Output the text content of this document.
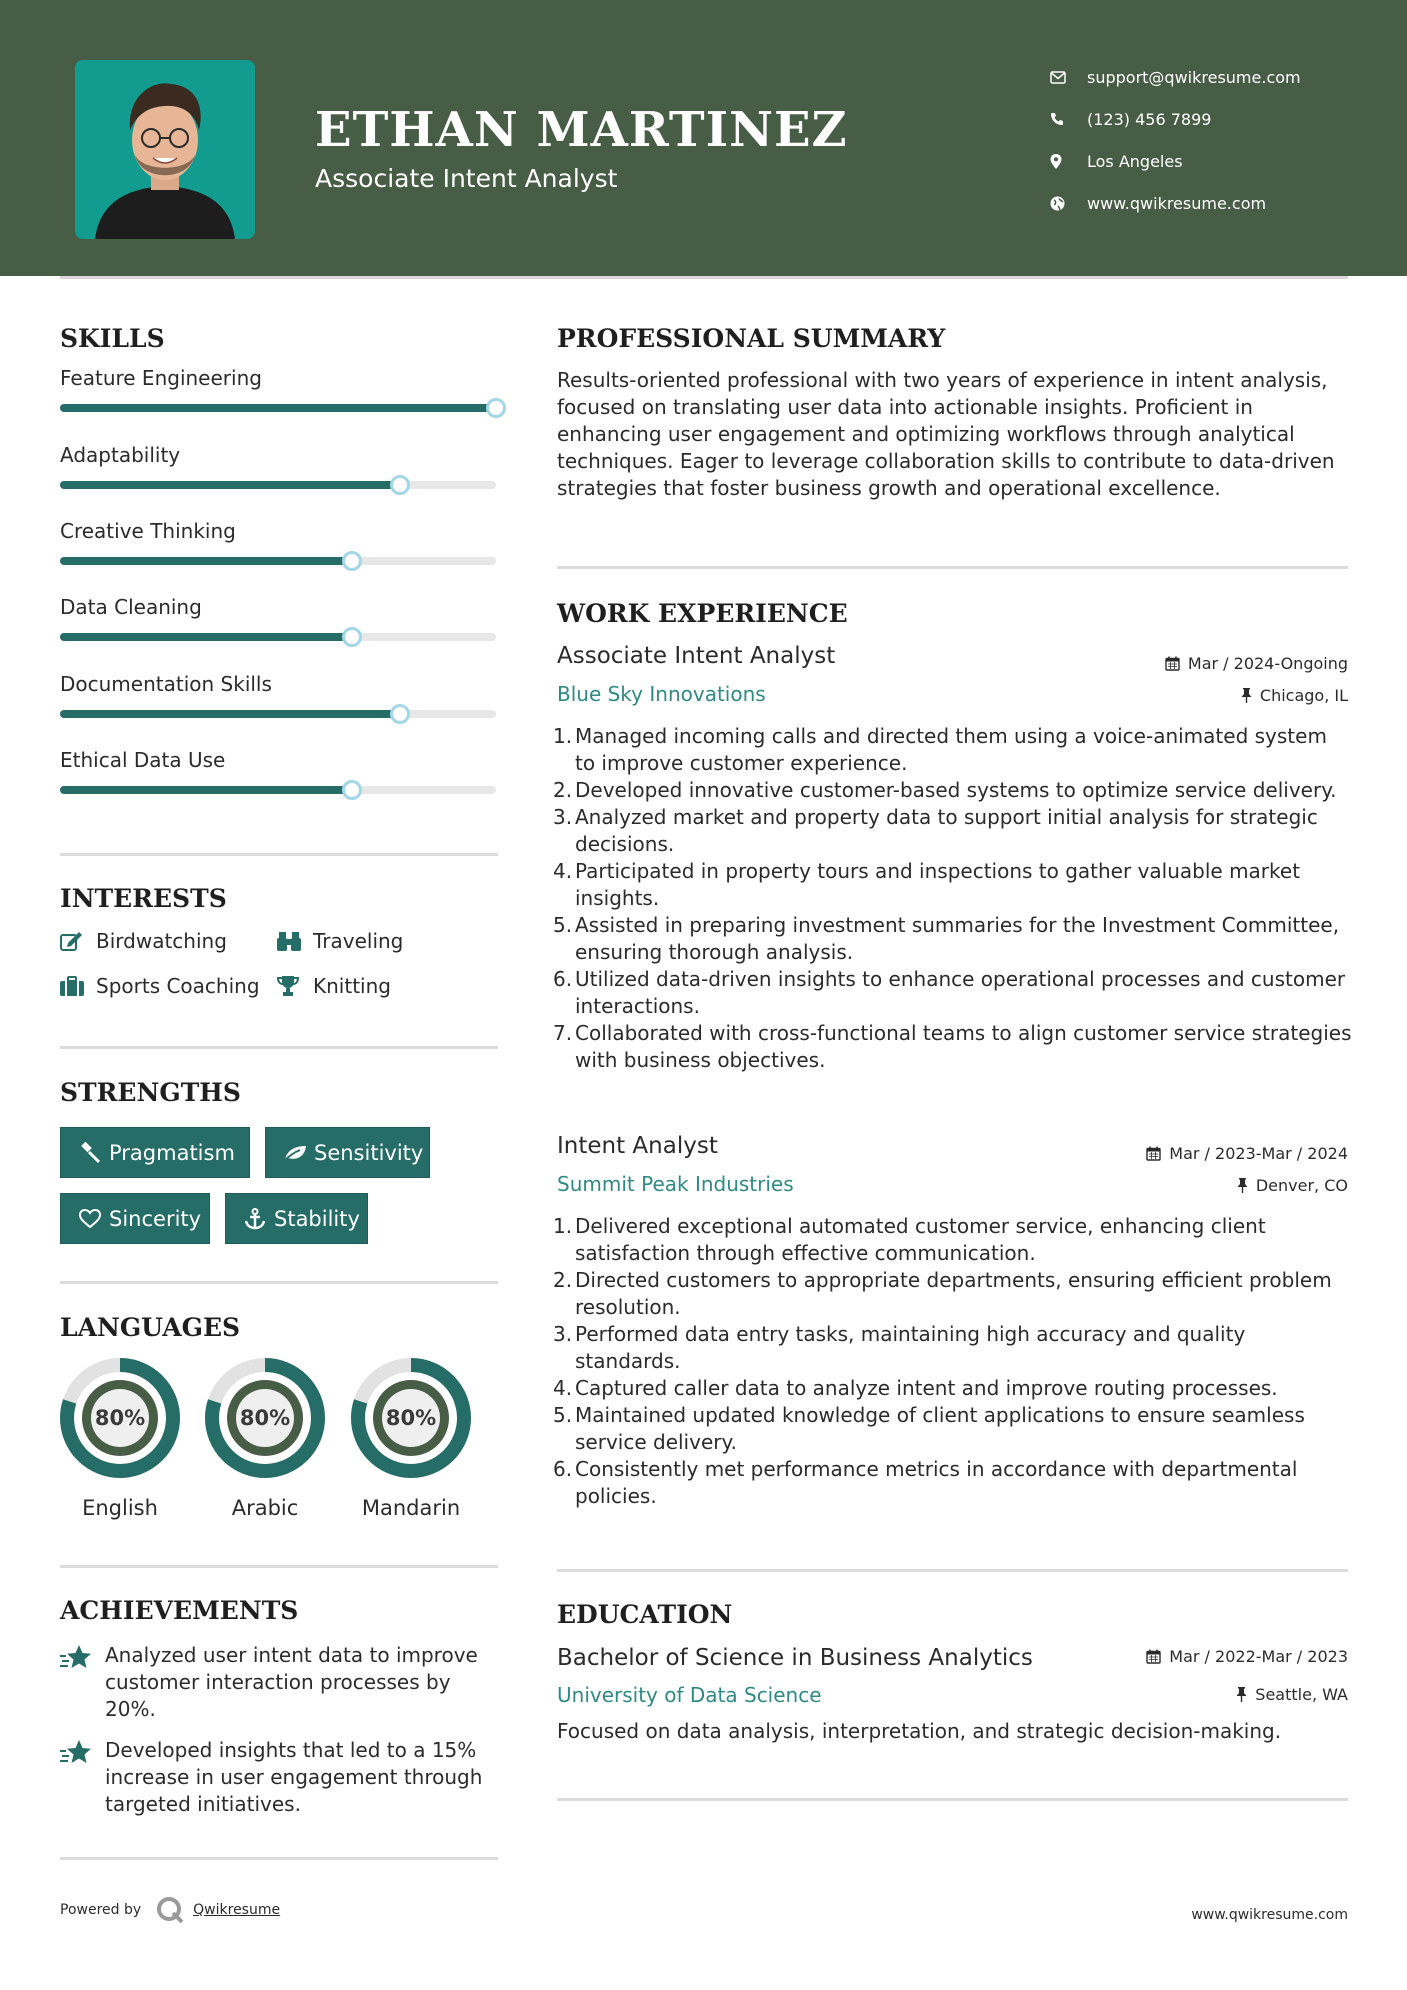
ETHAN MARTINEZ
Associate Intent Analyst
support@qwikresume.com
(123) 456 7899
Los Angeles
www.qwikresume.com
SKILLS
Feature Engineering
Adaptability
Creative Thinking
Data Cleaning
Documentation Skills
Ethical Data Use
INTERESTS
Birdwatching	Traveling
Sports Coaching	Knitting
STRENGTHS
Pragmatism	Sensitivity
Sincerity	Stability
LANGUAGES
80%
English
80%
Arabic
80%
Mandarin
ACHIEVEMENTS
Analyzed user intent data to improve customer interaction processes by 20%.
Developed insights that led to a 15% increase in user engagement through targeted initiatives.
PROFESSIONAL SUMMARY
Results-oriented professional with two years of experience in intent analysis, focused on translating user data into actionable insights. Proficient in enhancing user engagement and optimizing workflows through analytical techniques. Eager to leverage collaboration skills to contribute to data-driven strategies that foster business growth and operational excellence.
WORK EXPERIENCE
Associate Intent Analyst	Mar / 2024-Ongoing
Blue Sky Innovations	Chicago, IL
1. Managed incoming calls and directed them using a voice-animated system to improve customer experience.
2. Developed innovative customer-based systems to optimize service delivery.
3. Analyzed market and property data to support initial analysis for strategic decisions.
4. Participated in property tours and inspections to gather valuable market insights.
5. Assisted in preparing investment summaries for the Investment Committee, ensuring thorough analysis.
6. Utilized data-driven insights to enhance operational processes and customer interactions.
7. Collaborated with cross-functional teams to align customer service strategies with business objectives.
Intent Analyst	Mar / 2023-Mar / 2024
Summit Peak Industries	Denver, CO
1. Delivered exceptional automated customer service, enhancing client satisfaction through effective communication.
2. Directed customers to appropriate departments, ensuring efficient problem resolution.
3. Performed data entry tasks, maintaining high accuracy and quality standards.
4. Captured caller data to analyze intent and improve routing processes.
5. Maintained updated knowledge of client applications to ensure seamless service delivery.
6. Consistently met performance metrics in accordance with departmental policies.
EDUCATION
Bachelor of Science in Business Analytics	Mar / 2022-Mar / 2023
University of Data Science	Seattle, WA
Focused on data analysis, interpretation, and strategic decision-making.
Powered by	Qwikresume	www.qwikresume.com
